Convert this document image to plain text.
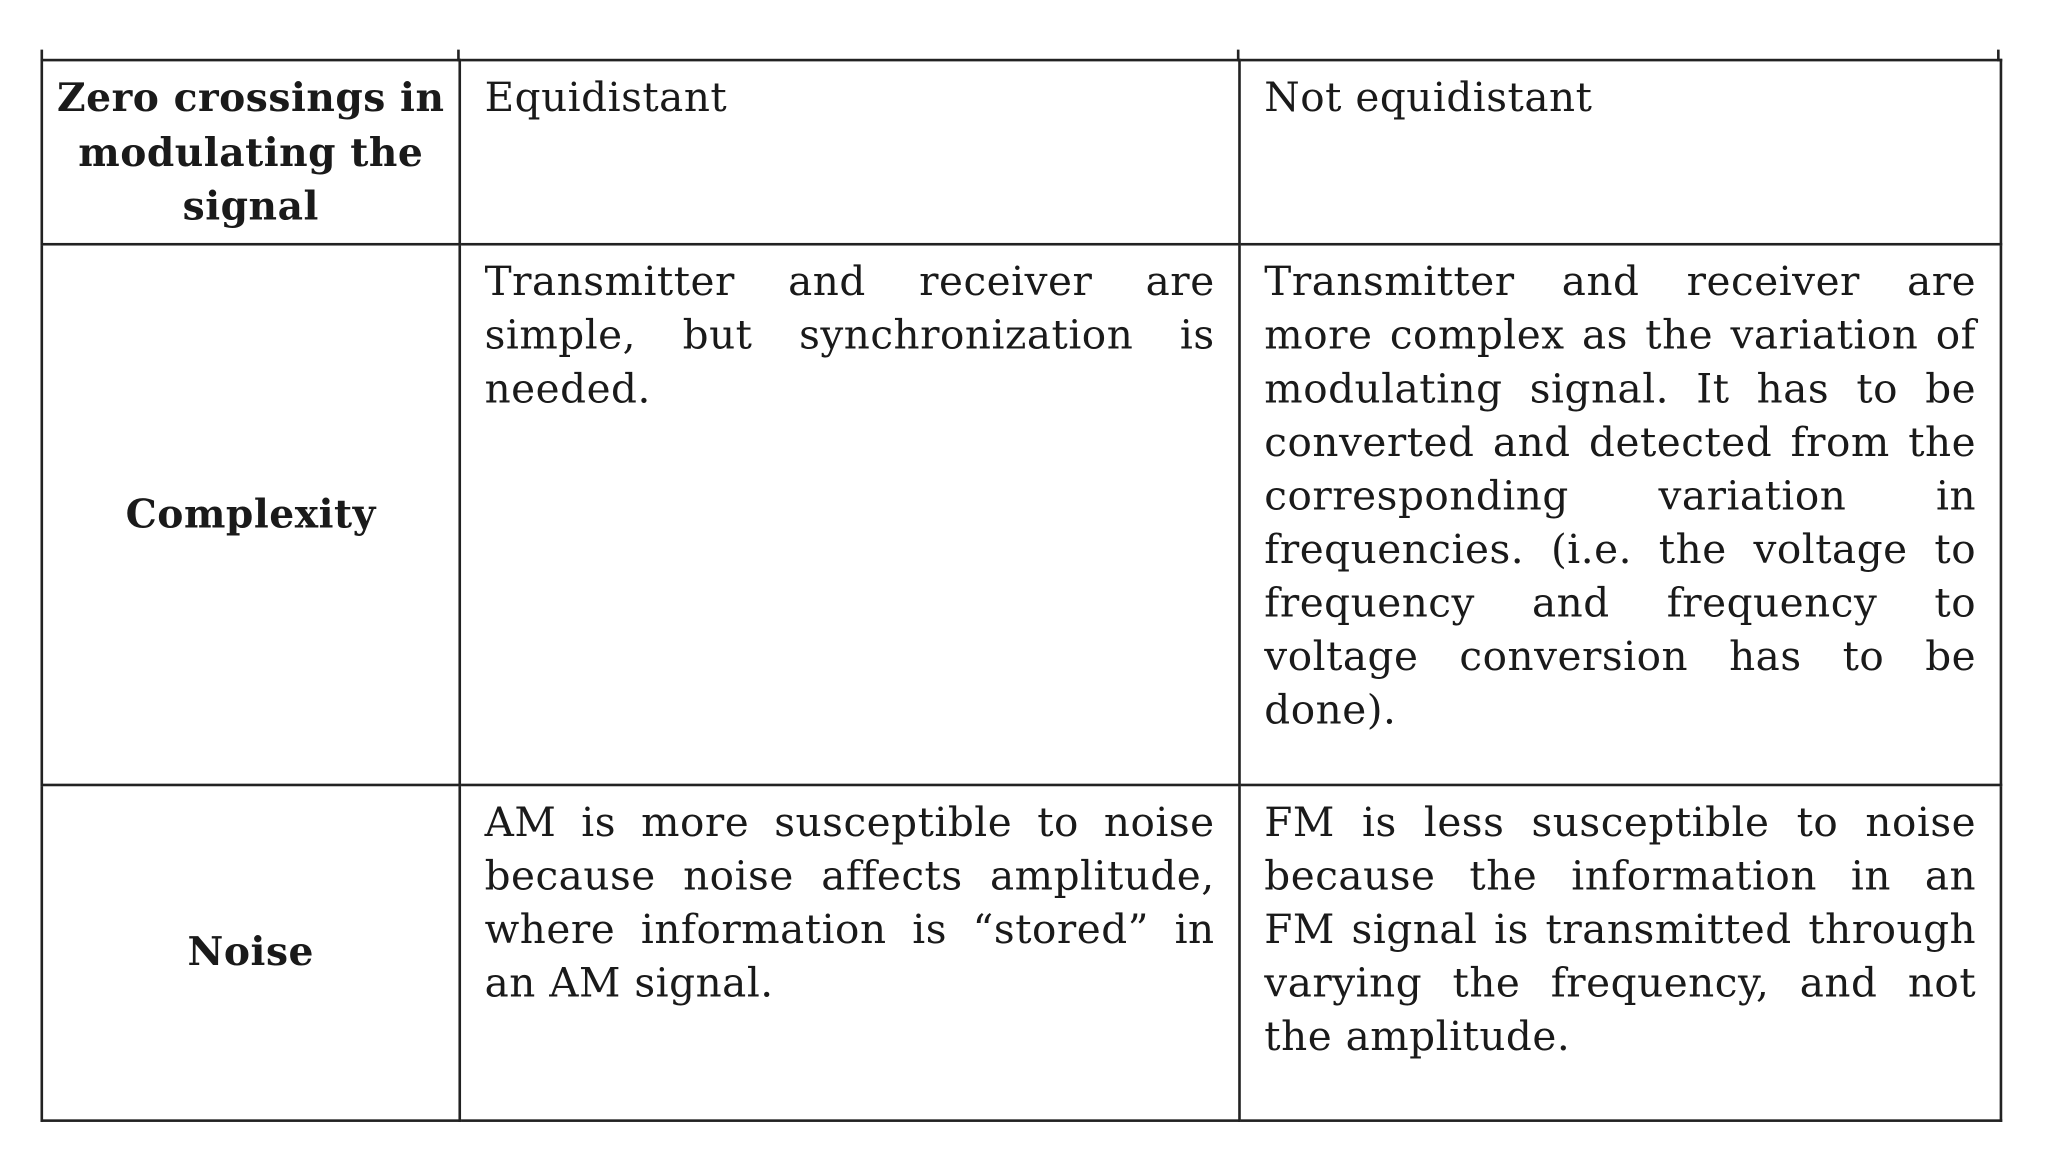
Zero crossings in modulating the signal	Equidistant	Not equidistant
Complexity	Transmitter and receiver are simple, but synchronization is needed.	Transmitter and receiver are more complex as the variation of modulating signal. It has to be converted and detected from the corresponding variation in frequencies. (i.e. the voltage to frequency and frequency to voltage conversion has to be done).
Noise	AM is more susceptible to noise because noise affects amplitude, where information is “stored” in an AM signal.	FM is less susceptible to noise because the information in an FM signal is transmitted through varying the frequency, and not the amplitude.
